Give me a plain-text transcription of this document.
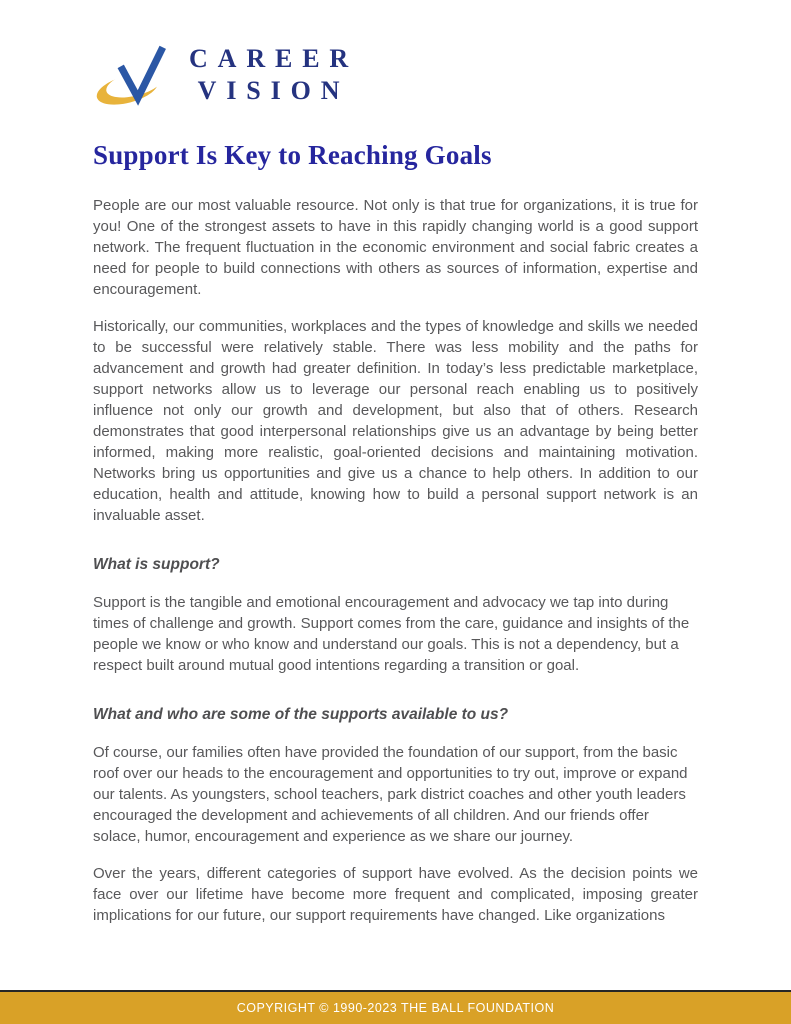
CAREER
VISION
Support Is Key to Reaching Goals

People are our most valuable resource. Not only is that true for organizations, it is true for you! One of the strongest assets to have in this rapidly changing world is a good support network. The frequent fluctuation in the economic environment and social fabric creates a need for people to build connections with others as sources of information, expertise and encouragement.

Historically, our communities, workplaces and the types of knowledge and skills we needed to be successful were relatively stable. There was less mobility and the paths for advancement and growth had greater definition. In today’s less predictable marketplace, support networks allow us to leverage our personal reach enabling us to positively influence not only our growth and development, but also that of others. Research demonstrates that good interpersonal relationships give us an advantage by being better informed, making more realistic, goal-oriented decisions and maintaining motivation. Networks bring us opportunities and give us a chance to help others. In addition to our education, health and attitude, knowing how to build a personal support network is an invaluable asset.

What is support?

Support is the tangible and emotional encouragement and advocacy we tap into during times of challenge and growth. Support comes from the care, guidance and insights of the people we know or who know and understand our goals. This is not a dependency, but a respect built around mutual good intentions regarding a transition or goal.

What and who are some of the supports available to us?

Of course, our families often have provided the foundation of our support, from the basic roof over our heads to the encouragement and opportunities to try out, improve or expand our talents. As youngsters, school teachers, park district coaches and other youth leaders encouraged the development and achievements of all children. And our friends offer solace, humor, encouragement and experience as we share our journey.

Over the years, different categories of support have evolved. As the decision points we face over our lifetime have become more frequent and complicated, imposing greater implications for our future, our support requirements have changed. Like organizations

COPYRIGHT © 1990-2023 THE BALL FOUNDATION
